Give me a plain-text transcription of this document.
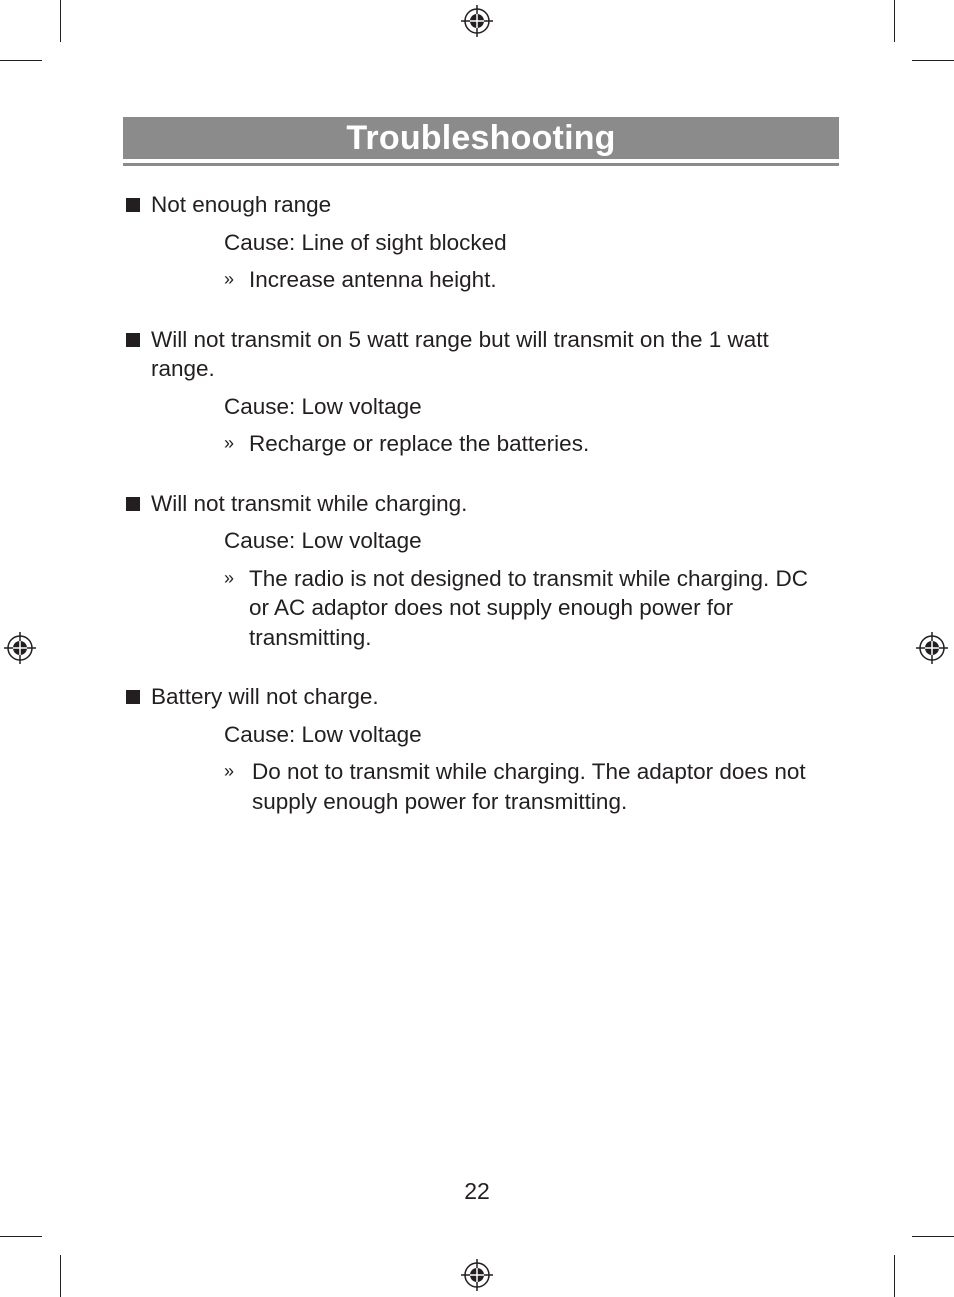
Troubleshooting
Not enough range
Cause: Line of sight blocked
» Increase antenna height.
Will not transmit on 5 watt range but will transmit on the 1 watt range.
Cause: Low voltage
» Recharge or replace the batteries.
Will not transmit while charging.
Cause: Low voltage
» The radio is not designed to transmit while charging. DC or AC adaptor does not supply enough power for transmitting.
Battery will not charge.
Cause: Low voltage
» Do not to transmit while charging. The adaptor does not supply enough power for transmitting.
22
